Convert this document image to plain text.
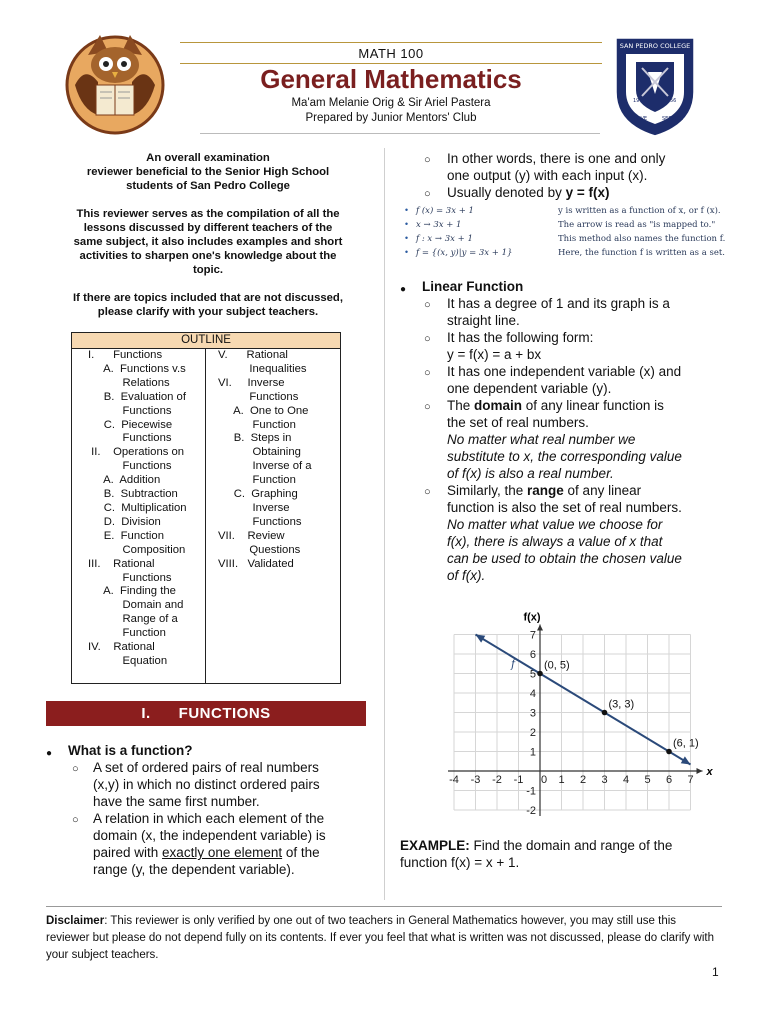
MATH 100
General Mathematics
Ma'am Melanie Orig & Sir Ariel Pastera
Prepared by Junior Mentors' Club
SAN PEDRO COLLEGE
19	56
LOVE	SERVICE
An overall examination
reviewer beneficial to the Senior High School
students of San Pedro College
This reviewer serves as the compilation of all the
lessons discussed by different teachers of the
same subject, it also includes examples and short
activities to sharpen one's knowledge about the
topic.
If there are topics included that are not discussed,
please clarify with your subject teachers.
OUTLINE
I.      Functions
A.  Functions v.s
Relations
B.  Evaluation of
Functions
C.  Piecewise
Functions
II.    Operations on
Functions
A.  Addition
B.  Subtraction
C.  Multiplication
D.  Division
E.  Function
Composition
III.    Rational
Functions
A.  Finding the
Domain and
Range of a
Function
IV.    Rational
Equation
V.      Rational
Inequalities
VI.     Inverse
Functions
A.  One to One
Function
B.  Steps in
Obtaining
Inverse of a
Function
C.  Graphing
Inverse
Functions
VII.    Review
Questions
VIII.   Validated
I.      FUNCTIONS
● What is a function?
○ A set of ordered pairs of real numbers
(x,y) in which no distinct ordered pairs
have the same first number.
○ A relation in which each element of the
domain (x, the independent variable) is
paired with exactly one element of the
range (y, the dependent variable).
○ In other words, there is one and only
one output (y) with each input (x).
○ Usually denoted by y = f(x)
• f (x) = 3x + 1	y is written as a function of x, or f (x).
• x → 3x + 1	The arrow is read as "is mapped to."
• f : x → 3x + 1	This method also names the function f.
• f = {(x, y)|y = 3x + 1}	Here, the function f is written as a set.
● Linear Function
○ It has a degree of 1 and its graph is a
straight line.
○ It has the following form:
y = f(x) = a + bx
○ It has one independent variable (x) and
one dependent variable (y).
○ The domain of any linear function is
the set of real numbers.
No matter what real number we
substitute to x, the corresponding value
of f(x) is also a real number.
○ Similarly, the range of any linear
function is also the set of real numbers.
No matter what value we choose for
f(x), there is always a value of x that
can be used to obtain the chosen value
of f(x).
-4 -3 -2 -1 0 1 2 3 4 5 6 7
-2
-1
1
2
3
4
5
6
7
x
f(x)
f	(0, 5)
(3, 3)
(6, 1)
EXAMPLE: Find the domain and range of the
function f(x) = x + 1.
Disclaimer: This reviewer is only verified by one out of two teachers in General Mathematics however, you may still use this reviewer but please do not depend fully on its contents. If ever you feel that what is written was not discussed, please do clarify with your subject teachers.
1
